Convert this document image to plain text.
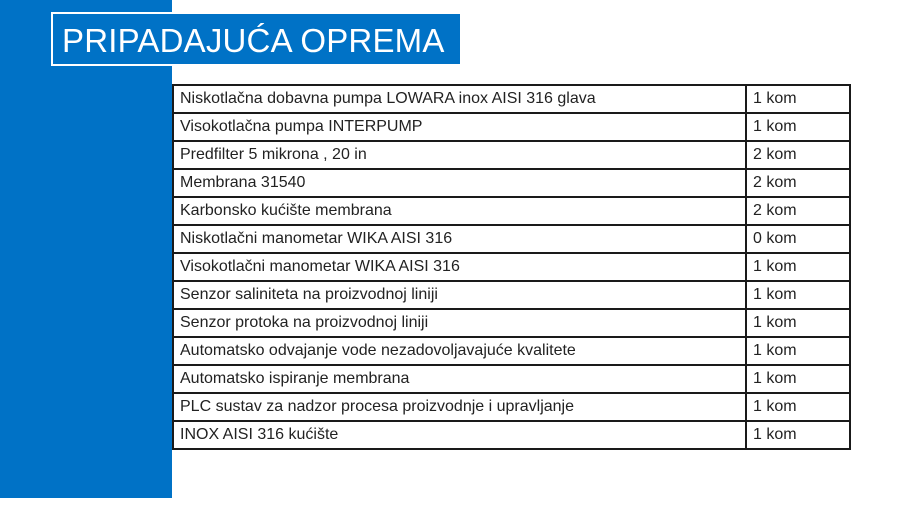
PRIPADAJUĆA OPREMA
Niskotlačna dobavna pumpa LOWARA inox AISI 316 glava	1 kom
Visokotlačna pumpa INTERPUMP	1 kom
Predfilter 5 mikrona , 20 in	2 kom
Membrana 31540	2 kom
Karbonsko kućište membrana	2 kom
Niskotlačni manometar WIKA AISI 316	0 kom
Visokotlačni manometar WIKA AISI 316	1 kom
Senzor saliniteta na proizvodnoj liniji	1 kom
Senzor protoka na proizvodnoj liniji	1 kom
Automatsko odvajanje vode nezadovoljavajuće kvalitete	1 kom
Automatsko ispiranje membrana	1 kom
PLC sustav za nadzor procesa proizvodnje i upravljanje	1 kom
INOX AISI 316 kućište	1 kom
